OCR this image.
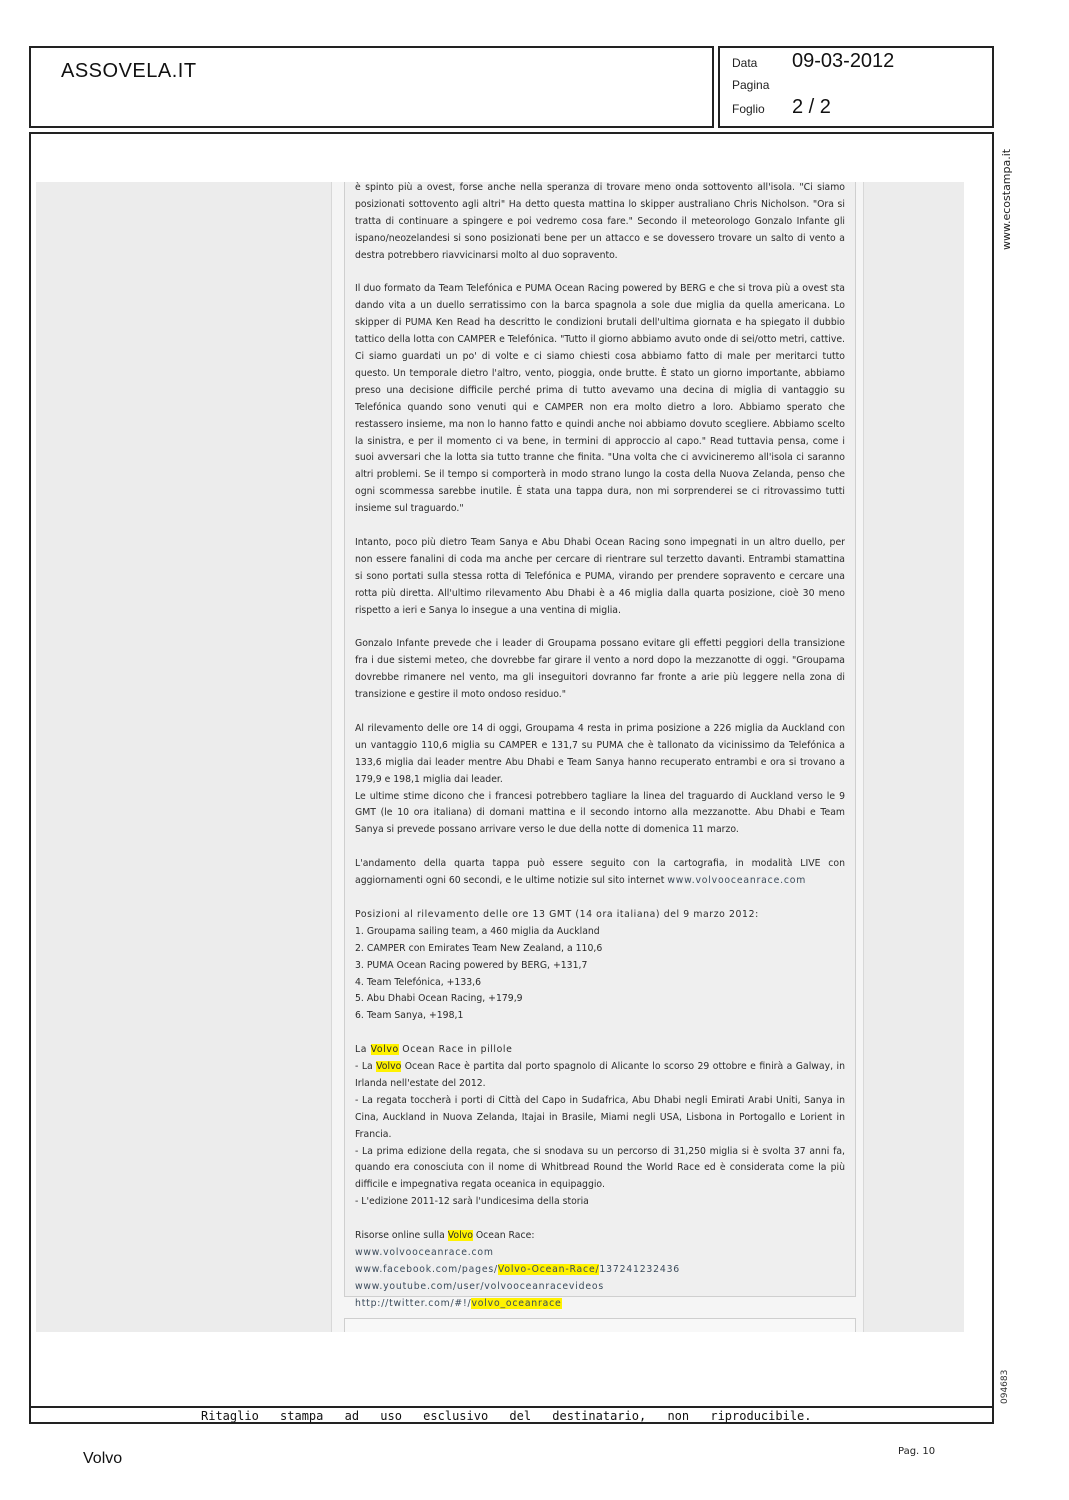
ASSOVELA.IT	Data 09-03-2012
Pagina
Foglio 2 / 2
Ritaglio stampa ad uso esclusivo del destinatario, non riproducibile.
www.ecostampa.it
094683

è spinto più a ovest, forse anche nella speranza di trovare meno onda sottovento all'isola. "Ci siamo posizionati sottovento agli altri" Ha detto questa mattina lo skipper australiano Chris Nicholson. "Ora si tratta di continuare a spingere e poi vedremo cosa fare." Secondo il meteorologo Gonzalo Infante gli ispano/neozelandesi si sono posizionati bene per un attacco e se dovessero trovare un salto di vento a destra potrebbero riavvicinarsi molto al duo sopravento.

Il duo formato da Team Telefónica e PUMA Ocean Racing powered by BERG e che si trova più a ovest sta dando vita a un duello serratissimo con la barca spagnola a sole due miglia da quella americana. Lo skipper di PUMA Ken Read ha descritto le condizioni brutali dell'ultima giornata e ha spiegato il dubbio tattico della lotta con CAMPER e Telefónica. "Tutto il giorno abbiamo avuto onde di sei/otto metri, cattive. Ci siamo guardati un po' di volte e ci siamo chiesti cosa abbiamo fatto di male per meritarci tutto questo. Un temporale dietro l'altro, vento, pioggia, onde brutte. È stato un giorno importante, abbiamo preso una decisione difficile perché prima di tutto avevamo una decina di miglia di vantaggio su Telefónica quando sono venuti qui e CAMPER non era molto dietro a loro. Abbiamo sperato che restassero insieme, ma non lo hanno fatto e quindi anche noi abbiamo dovuto scegliere. Abbiamo scelto la sinistra, e per il momento ci va bene, in termini di approccio al capo." Read tuttavia pensa, come i suoi avversari che la lotta sia tutto tranne che finita. "Una volta che ci avvicineremo all'isola ci saranno altri problemi. Se il tempo si comporterà in modo strano lungo la costa della Nuova Zelanda, penso che ogni scommessa sarebbe inutile. È stata una tappa dura, non mi sorprenderei se ci ritrovassimo tutti insieme sul traguardo."

Intanto, poco più dietro Team Sanya e Abu Dhabi Ocean Racing sono impegnati in un altro duello, per non essere fanalini di coda ma anche per cercare di rientrare sul terzetto davanti. Entrambi stamattina si sono portati sulla stessa rotta di Telefónica e PUMA, virando per prendere sopravento e cercare una rotta più diretta. All'ultimo rilevamento Abu Dhabi è a 46 miglia dalla quarta posizione, cioè 30 meno rispetto a ieri e Sanya lo insegue a una ventina di miglia.

Gonzalo Infante prevede che i leader di Groupama possano evitare gli effetti peggiori della transizione fra i due sistemi meteo, che dovrebbe far girare il vento a nord dopo la mezzanotte di oggi. "Groupama dovrebbe rimanere nel vento, ma gli inseguitori dovranno far fronte a arie più leggere nella zona di transizione e gestire il moto ondoso residuo."

Al rilevamento delle ore 14 di oggi, Groupama 4 resta in prima posizione a 226 miglia da Auckland con un vantaggio 110,6 miglia su CAMPER e 131,7 su PUMA che è tallonato da vicinissimo da Telefónica a 133,6 miglia dai leader mentre Abu Dhabi e Team Sanya hanno recuperato entrambi e ora si trovano a 179,9 e 198,1 miglia dai leader.

Le ultime stime dicono che i francesi potrebbero tagliare la linea del traguardo di Auckland verso le 9 GMT (le 10 ora italiana) di domani mattina e il secondo intorno alla mezzanotte. Abu Dhabi e Team Sanya si prevede possano arrivare verso le due della notte di domenica 11 marzo.

L'andamento della quarta tappa può essere seguito con la cartografia, in modalità LIVE con aggiornamenti ogni 60 secondi, e le ultime notizie sul sito internet www.volvooceanrace.com

Posizioni al rilevamento delle ore 13 GMT (14 ora italiana) del 9 marzo 2012:
1. Groupama sailing team, a 460 miglia da Auckland
2. CAMPER con Emirates Team New Zealand, a 110,6
3. PUMA Ocean Racing powered by BERG, +131,7
4. Team Telefónica, +133,6
5. Abu Dhabi Ocean Racing, +179,9
6. Team Sanya, +198,1
La Volvo Ocean Race in pillole
- La Volvo Ocean Race è partita dal porto spagnolo di Alicante lo scorso 29 ottobre e finirà a Galway, in Irlanda nell'estate del 2012.
- La regata toccherà i porti di Città del Capo in Sudafrica, Abu Dhabi negli Emirati Arabi Uniti, Sanya in Cina, Auckland in Nuova Zelanda, Itajai in Brasile, Miami negli USA, Lisbona in Portogallo e Lorient in Francia.
- La prima edizione della regata, che si snodava su un percorso di 31,250 miglia si è svolta 37 anni fa, quando era conosciuta con il nome di Whitbread Round the World Race ed è considerata come la più difficile e impegnativa regata oceanica in equipaggio.
- L'edizione 2011-12 sarà l'undicesima della storia
Risorse online sulla Volvo Ocean Race:
www.volvooceanrace.com
www.facebook.com/pages/Volvo-Ocean-Race/137241232436
www.youtube.com/user/volvooceanracevideos
http://twitter.com/#!/volvo_oceanrace
Volvo	Pag. 10
